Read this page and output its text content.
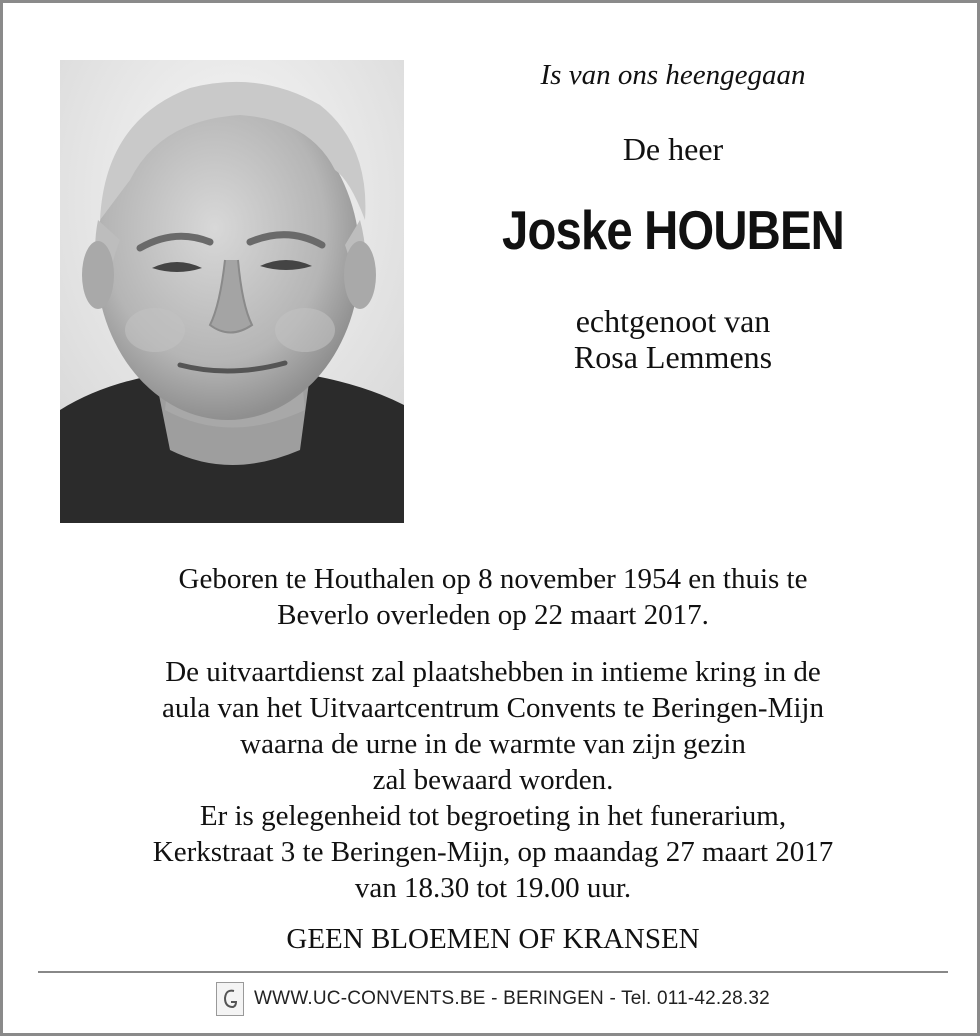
Is van ons heengegaan
De heer
Joske HOUBEN
echtgenoot van
Rosa Lemmens
Geboren te Houthalen op 8 november 1954 en thuis te
Beverlo overleden op 22 maart 2017.
De uitvaartdienst zal plaatshebben in intieme kring in de
aula van het Uitvaartcentrum Convents te Beringen-Mijn
waarna de urne in de warmte van zijn gezin
zal bewaard worden.
Er is gelegenheid tot begroeting in het funerarium,
Kerkstraat 3 te Beringen-Mijn, op maandag 27 maart 2017
van 18.30 tot 19.00 uur.
GEEN BLOEMEN OF KRANSEN
WWW.UC-CONVENTS.BE - BERINGEN - Tel. 011-42.28.32
